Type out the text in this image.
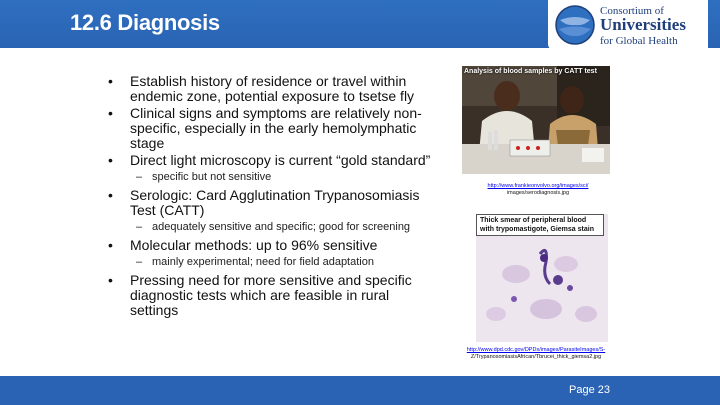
12.6 Diagnosis	Consortium of
Universities
for Global Health
• Establish history of residence or travel within endemic zone, potential exposure to tsetse fly
• Clinical signs and symptoms are relatively non-specific, especially in the early hemolymphatic stage
• Direct light microscopy is current “gold standard”
– specific but not sensitive
• Serologic: Card Agglutination Trypanosomiasis Test (CATT)
– adequately sensitive and specific; good for screening
• Molecular methods: up to 96% sensitive
– mainly experimental; need for field adaptation
• Pressing need for more sensitive and specific diagnostic tests which are feasible in rural settings
Analysis of blood samples by CATT test
http://www.frankieonvolvo.org/images/sci/
images/serodiagnosis.jpg
Thick smear of peripheral blood with trypomastigote, Giemsa stain
http://www.dpd.cdc.gov/DPDx/images/ParasiteImages/S-
Z/TrypanosomiasisAfrican/Tbrucei_thick_giemsa2.jpg
Page 23
